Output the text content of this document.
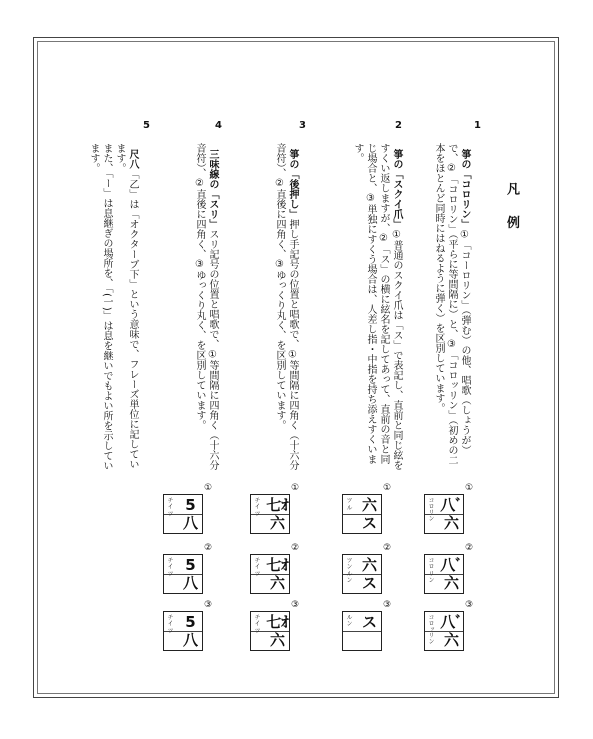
凡 例
1
2
3
4
5

箏の「コロリン」①「コーロリン」（弾む）の他、唱歌（しょうが）で、②「コロリン」（平らに等間隔に）と、③「コロッリン」（初めの二本をほとんど同時にはねるように弾く）を区別しています。

箏の「スクイ爪」①普通のスクイ爪は「ス」で表記し、直前と同じ絃をすくい返しますが、②「ス」の横に絃名を記してあって、直前の音と同じ場合と、③単独にすくう場合は、人差し指・中指を持ち添えすくいます。

箏の「後押し」押し手記号の位置と唱歌で、①等間隔に四角く（十六分音符）、②直後に四角く、③ゆっくり丸く、を区別しています。

三味線の「スリ」スリ記号の位置と唱歌で、①等間隔に四角く（十六分音符）、②直後に四角く、③ゆっくり丸く、を区別しています。

尺八「乙」は「オクターブ下」という意味で、フレーズ単位に記しています。
また、「ー」は息継ぎの場所を、「(一)」は息を継いでもよい所を示しています。

①
コロリン 八ﾞ六
②
コロ リン 八ﾞ六
③
コロッリン 八ﾞ六
①
ツ ル 六ス
②
ツン ルン 六ス
③
ルン ス
①
チイ ツ 七ｵ六
②
チイ ツ 七ｵ六
③
チイ ツ 七ｵ六
①
チイ ツ 5八
②
チイ ツ 5八
③
チイ ツ 5八
